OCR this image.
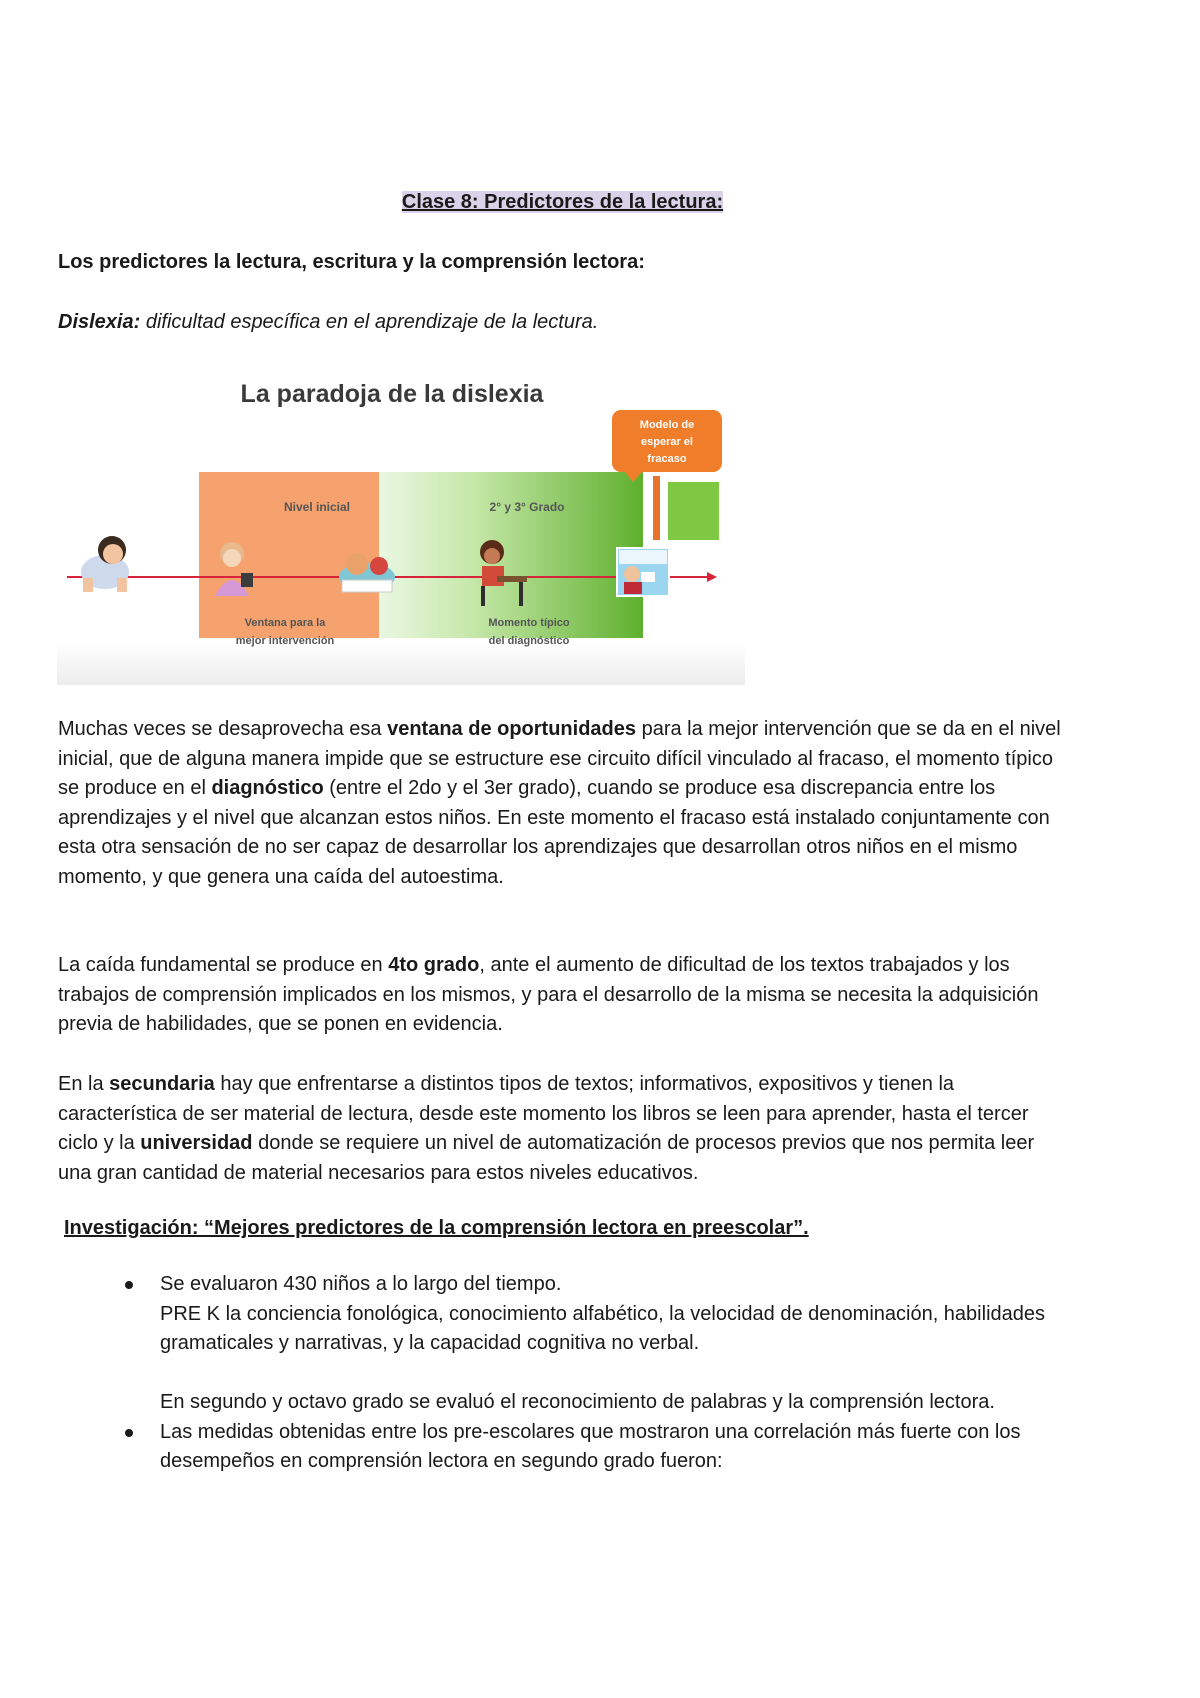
Clase 8: Predictores de la lectura:

Los predictores la lectura, escritura y la comprensión lectora:

Dislexia: dificultad específica en el aprendizaje de la lectura.

La paradoja de la dislexia
Modelo de
esperar el
fracaso
Nivel inicial	2° y 3° Grado
Ventana para la
mejor intervención
Momento típico
del diagnóstico

Muchas veces se desaprovecha esa ventana de oportunidades para la mejor intervención que se da en el nivel inicial, que de alguna manera impide que se estructure ese circuito difícil vinculado al fracaso, el momento típico se produce en el diagnóstico (entre el 2do y el 3er grado), cuando se produce esa discrepancia entre los aprendizajes y el nivel que alcanzan estos niños. En este momento el fracaso está instalado conjuntamente con esta otra sensación de no ser capaz de desarrollar los aprendizajes que desarrollan otros niños en el mismo momento, y que genera una caída del autoestima.

La caída fundamental se produce en 4to grado, ante el aumento de dificultad de los textos trabajados y los trabajos de comprensión implicados en los mismos, y para el desarrollo de la misma se necesita la adquisición previa de habilidades, que se ponen en evidencia.

En la secundaria hay que enfrentarse a distintos tipos de textos; informativos, expositivos y tienen la característica de ser material de lectura, desde este momento los libros se leen para aprender, hasta el tercer ciclo y la universidad donde se requiere un nivel de automatización de procesos previos que nos permita leer una gran cantidad de material necesarios para estos niveles educativos.

Investigación: “Mejores predictores de la comprensión lectora en preescolar”.

Se evaluaron 430 niños a lo largo del tiempo.
PRE K la conciencia fonológica, conocimiento alfabético, la velocidad de denominación, habilidades gramaticales y narrativas, y la capacidad cognitiva no verbal.
En segundo y octavo grado se evaluó el reconocimiento de palabras y la comprensión lectora.
Las medidas obtenidas entre los pre-escolares que mostraron una correlación más fuerte con los desempeños en comprensión lectora en segundo grado fueron:
